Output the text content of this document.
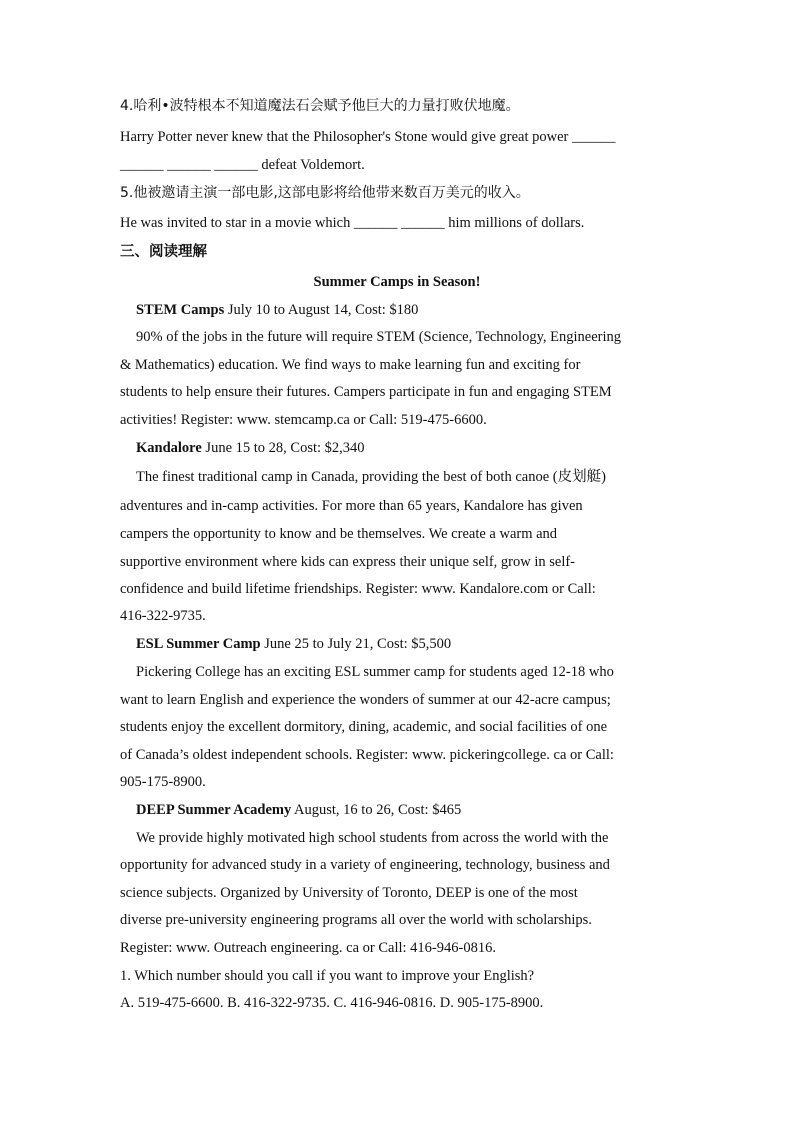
4.哈利•波特根本不知道魔法石会赋予他巨大的力量打败伏地魔。
Harry Potter never knew that the Philosopher's Stone would give great power ______
______ ______ ______ defeat Voldemort.
5.他被邀请主演一部电影,这部电影将给他带来数百万美元的收入。
He was invited to star in a movie which ______ ______ him millions of dollars.
三、阅读理解
Summer Camps in Season!
STEM Camps July 10 to August 14, Cost: $180
90% of the jobs in the future will require STEM (Science, Technology, Engineering
& Mathematics) education. We find ways to make learning fun and exciting for
students to help ensure their futures. Campers participate in fun and engaging STEM
activities! Register: www. stemcamp.ca or Call: 519-475-6600.
Kandalore June 15 to 28, Cost: $2,340
The finest traditional camp in Canada, providing the best of both canoe (皮划艇)
adventures and in-camp activities. For more than 65 years, Kandalore has given
campers the opportunity to know and be themselves. We create a warm and
supportive environment where kids can express their unique self, grow in self-
confidence and build lifetime friendships. Register: www. Kandalore.com or Call:
416-322-9735.
ESL Summer Camp June 25 to July 21, Cost: $5,500
Pickering College has an exciting ESL summer camp for students aged 12-18 who
want to learn English and experience the wonders of summer at our 42-acre campus;
students enjoy the excellent dormitory, dining, academic, and social facilities of one
of Canada’s oldest independent schools. Register: www. pickeringcollege. ca or Call:
905-175-8900.
DEEP Summer Academy August, 16 to 26, Cost: $465
We provide highly motivated high school students from across the world with the
opportunity for advanced study in a variety of engineering, technology, business and
science subjects. Organized by University of Toronto, DEEP is one of the most
diverse pre-university engineering programs all over the world with scholarships.
Register: www. Outreach engineering. ca or Call: 416-946-0816.
1. Which number should you call if you want to improve your English?
A. 519-475-6600. B. 416-322-9735. C. 416-946-0816. D. 905-175-8900.
